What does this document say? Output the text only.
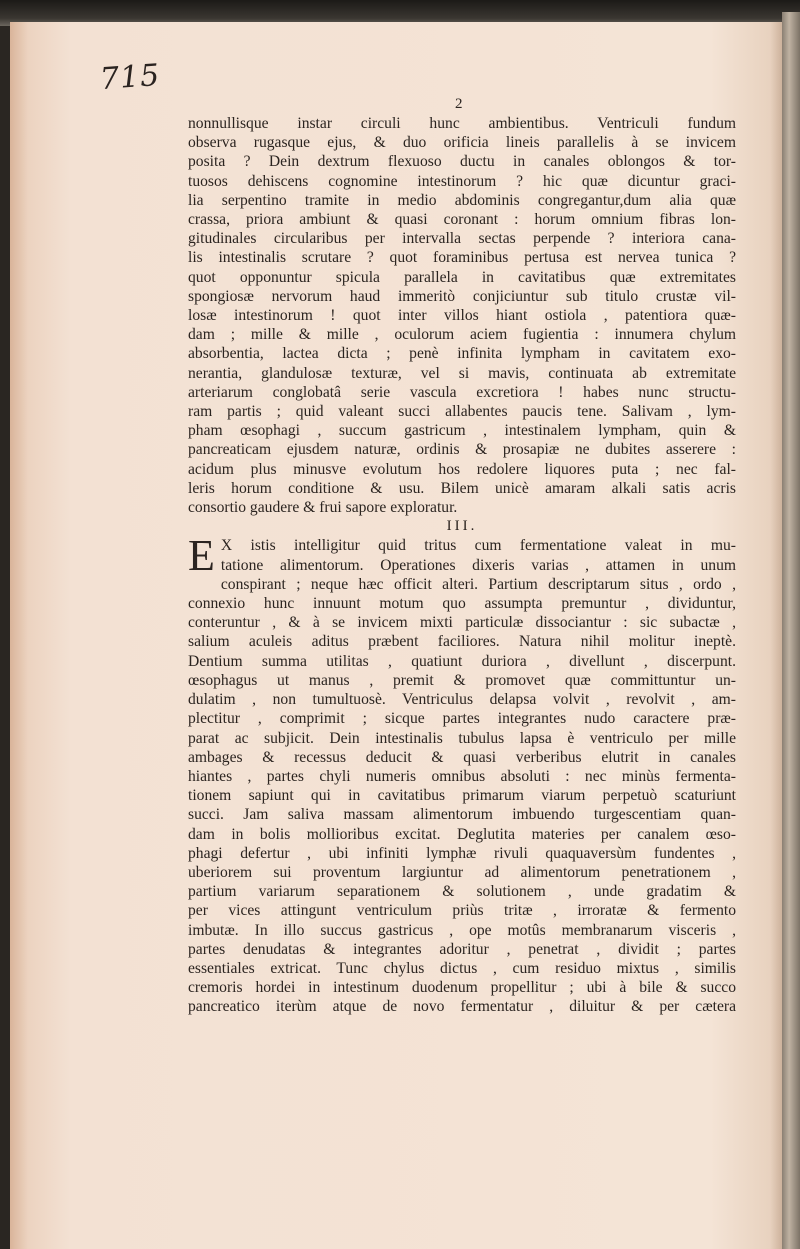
715
2
nonnullisque instar circuli hunc ambientibus. Ventriculi fundum
observa rugasque ejus, & duo orificia lineis parallelis à se invicem
posita ? Dein dextrum flexuoso ductu in canales oblongos & tor-
tuosos dehiscens cognomine intestinorum ? hic quæ dicuntur graci-
lia serpentino tramite in medio abdominis congregantur,dum alia quæ
crassa, priora ambiunt & quasi coronant : horum omnium fibras lon-
gitudinales circularibus per intervalla sectas perpende ? interiora cana-
lis intestinalis scrutare ? quot foraminibus pertusa est nervea tunica ?
quot opponuntur spicula parallela in cavitatibus quæ extremitates
spongiosæ nervorum haud immeritò conjiciuntur sub titulo crustæ vil-
losæ intestinorum ! quot inter villos hiant ostiola , patentiora quæ-
dam ; mille & mille , oculorum aciem fugientia : innumera chylum
absorbentia, lactea dicta ; penè infinita lympham in cavitatem exo-
nerantia, glandulosæ texturæ, vel si mavis, continuata ab extremitate
arteriarum conglobatâ serie vascula excretiora ! habes nunc structu-
ram partis ; quid valeant succi allabentes paucis tene. Salivam , lym-
pham œsophagi , succum gastricum , intestinalem lympham, quin &
pancreaticam ejusdem naturæ, ordinis & prosapiæ ne dubites asserere :
acidum plus minusve evolutum hos redolere liquores puta ; nec fal-
leris horum conditione & usu. Bilem unicè amaram alkali satis acris
consortio gaudere & frui sapore exploratur.
III.
E X istis intelligitur quid tritus cum fermentatione valeat in mu-
tatione alimentorum. Operationes dixeris varias , attamen in unum
conspirant ; neque hæc officit alteri. Partium descriptarum situs , ordo ,
connexio hunc innuunt motum quo assumpta premuntur , dividuntur,
conteruntur , & à se invicem mixti particulæ dissociantur : sic subactæ ,
salium aculeis aditus præbent faciliores. Natura nihil molitur ineptè.
Dentium summa utilitas , quatiunt duriora , divellunt , discerpunt.
œsophagus ut manus , premit & promovet quæ committuntur un-
dulatim , non tumultuosè. Ventriculus delapsa volvit , revolvit , am-
plectitur , comprimit ; sicque partes integrantes nudo caractere præ-
parat ac subjicit. Dein intestinalis tubulus lapsa è ventriculo per mille
ambages & recessus deducit & quasi verberibus elutrit in canales
hiantes , partes chyli numeris omnibus absoluti : nec minùs fermenta-
tionem sapiunt qui in cavitatibus primarum viarum perpetuò scaturiunt
succi. Jam saliva massam alimentorum imbuendo turgescentiam quan-
dam in bolis mollioribus excitat. Deglutita materies per canalem œso-
phagi defertur , ubi infiniti lymphæ rivuli quaquaversùm fundentes ,
uberiorem sui proventum largiuntur ad alimentorum penetrationem ,
partium variarum separationem & solutionem , unde gradatim &
per vices attingunt ventriculum priùs tritæ , irroratæ & fermento
imbutæ. In illo succus gastricus , ope motûs membranarum visceris ,
partes denudatas & integrantes adoritur , penetrat , dividit ; partes
essentiales extricat. Tunc chylus dictus , cum residuo mixtus , similis
cremoris hordei in intestinum duodenum propellitur ; ubi à bile & succo
pancreatico iterùm atque de novo fermentatur , diluitur & per cætera
